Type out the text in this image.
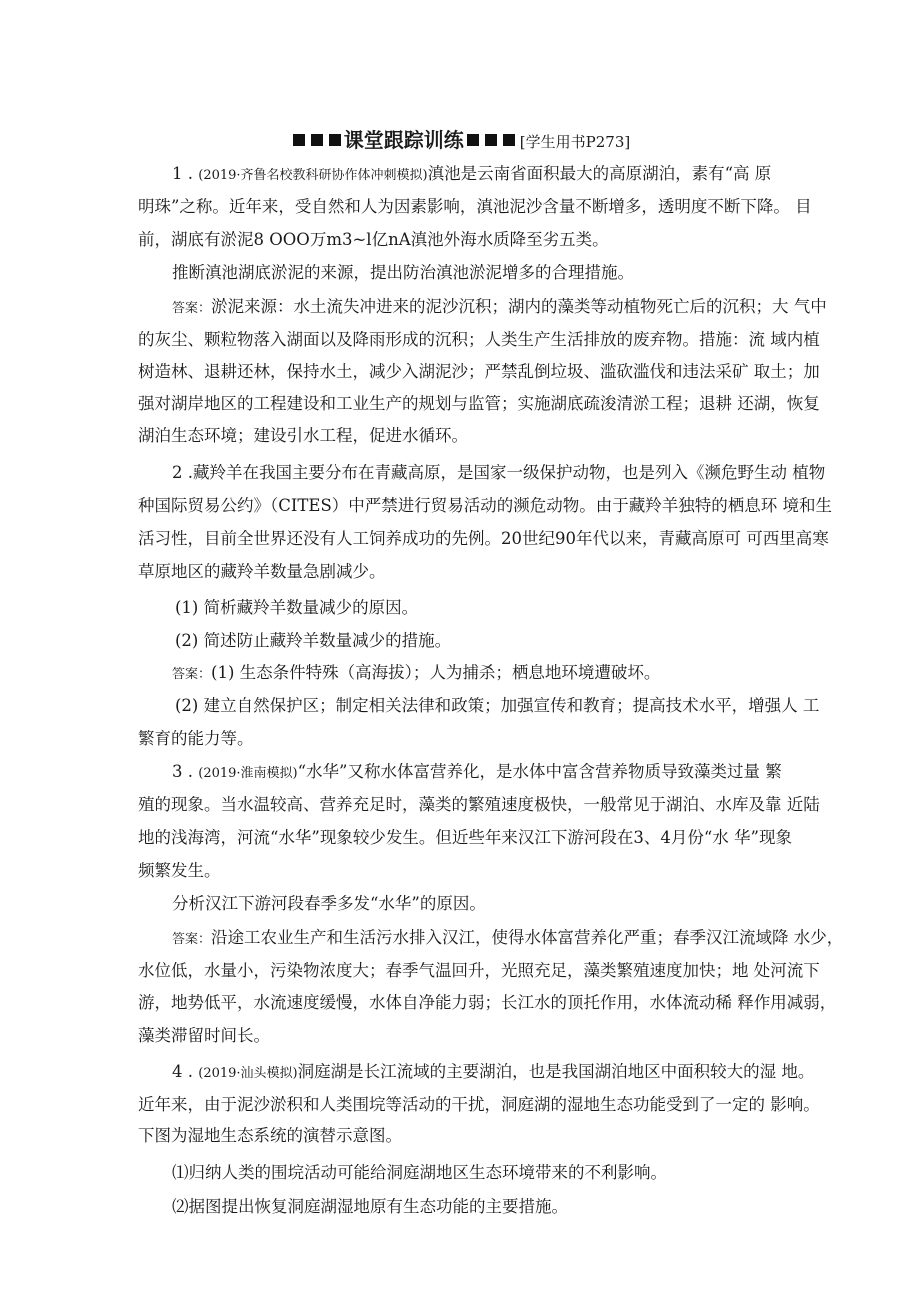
课堂跟踪训练	[学生用书P273]
1 . (2019·齐鲁名校教科研协作体冲刺模拟)滇池是云南省面积最大的高原湖泊，素有“高 原
明珠”之称。近年来，受自然和人为因素影响，滇池泥沙含量不断增多，透明度不断下降。 目
前，湖底有淤泥8 OOO万m3~l亿nA滇池外海水质降至劣五类。
推断滇池湖底淤泥的来源，提出防治滇池淤泥增多的合理措施。
答案：淤泥来源：水土流失冲进来的泥沙沉积；湖内的藻类等动植物死亡后的沉积；大 气中
的灰尘、颗粒物落入湖面以及降雨形成的沉积；人类生产生活排放的废弃物。措施：流 域内植
树造林、退耕还林，保持水土，减少入湖泥沙；严禁乱倒垃圾、滥砍滥伐和违法采矿 取土；加
强对湖岸地区的工程建设和工业生产的规划与监管；实施湖底疏浚清淤工程；退耕 还湖，恢复
湖泊生态环境；建设引水工程，促进水循环。
2 .藏羚羊在我国主要分布在青藏高原，是国家一级保护动物，也是列入《濒危野生动 植物
种国际贸易公约》（CITES）中严禁进行贸易活动的濒危动物。由于藏羚羊独特的栖息环 境和生
活习性，目前全世界还没有人工饲养成功的先例。20世纪90年代以来，青藏高原可 可西里高寒
草原地区的藏羚羊数量急剧减少。
(1) 简析藏羚羊数量减少的原因。
(2) 简述防止藏羚羊数量减少的措施。
答案：(1) 生态条件特殊（高海拔）；人为捕杀；栖息地环境遭破坏。
(2) 建立自然保护区；制定相关法律和政策；加强宣传和教育；提高技术水平，增强人 工
繁育的能力等。
3 . (2019·淮南模拟)“水华”又称水体富营养化，是水体中富含营养物质导致藻类过量 繁
殖的现象。当水温较高、营养充足时，藻类的繁殖速度极快，一般常见于湖泊、水库及靠 近陆
地的浅海湾，河流“水华”现象较少发生。但近些年来汉江下游河段在3、4月份“水 华”现象
频繁发生。
分析汉江下游河段春季多发“水华”的原因。
答案：沿途工农业生产和生活污水排入汉江，使得水体富营养化严重；春季汉江流域降 水少，
水位低，水量小，污染物浓度大；春季气温回升，光照充足，藻类繁殖速度加快；地 处河流下
游，地势低平，水流速度缓慢，水体自净能力弱；长江水的顶托作用，水体流动稀 释作用减弱，
藻类滞留时间长。
4 . (2019·汕头模拟)洞庭湖是长江流域的主要湖泊，也是我国湖泊地区中面积较大的湿 地。
近年来，由于泥沙淤积和人类围垸等活动的干扰，洞庭湖的湿地生态功能受到了一定的 影响。
下图为湿地生态系统的演替示意图。
⑴归纳人类的围垸活动可能给洞庭湖地区生态环境带来的不利影响。
⑵据图提出恢复洞庭湖湿地原有生态功能的主要措施。
